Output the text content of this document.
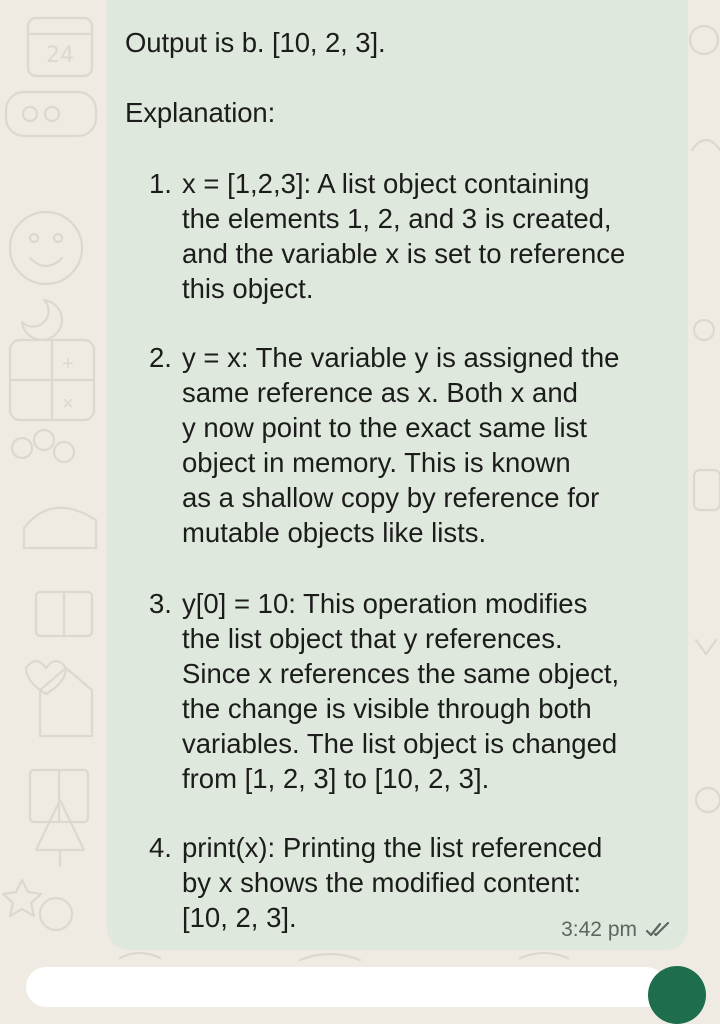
24
+
×
Output is b. [10, 2, 3].
Explanation:
1. x = [1,2,3]: A list object containing
the elements 1, 2, and 3 is created,
and the variable x is set to reference
this object.
2. y = x: The variable y is assigned the
same reference as x. Both x and
y now point to the exact same list
object in memory. This is known
as a shallow copy by reference for
mutable objects like lists.
3. y[0] = 10: This operation modifies
the list object that y references.
Since x references the same object,
the change is visible through both
variables. The list object is changed
from [1, 2, 3] to [10, 2, 3].
4. print(x): Printing the list referenced
by x shows the modified content:
[10, 2, 3].	3:42 pm
